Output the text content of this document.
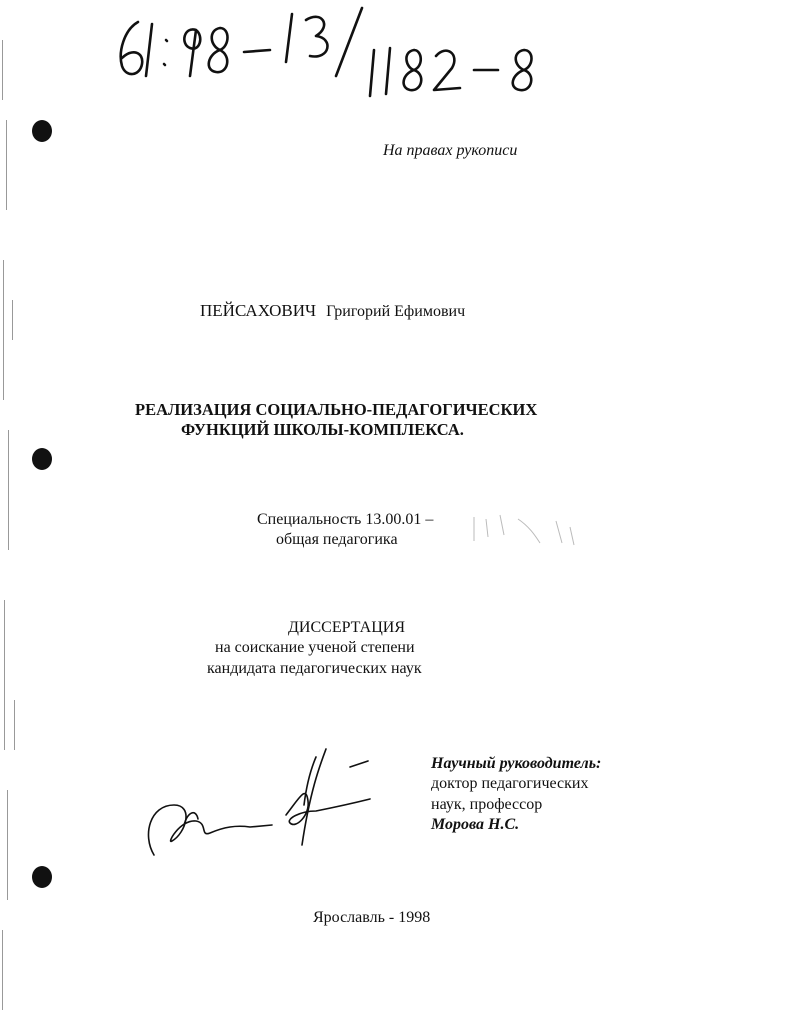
На правах рукописи
ПЕЙСАХОВИЧ Григорий Ефимович
РЕАЛИЗАЦИЯ СОЦИАЛЬНО-ПЕДАГОГИЧЕСКИХ
ФУНКЦИЙ ШКОЛЫ-КОМПЛЕКСА.
Специальность 13.00.01 –
общая педагогика
ДИССЕРТАЦИЯ
на соискание ученой степени
кандидата педагогических наук
Научный руководитель:
доктор педагогических
наук, профессор
Морова Н.С.
Ярославль - 1998
